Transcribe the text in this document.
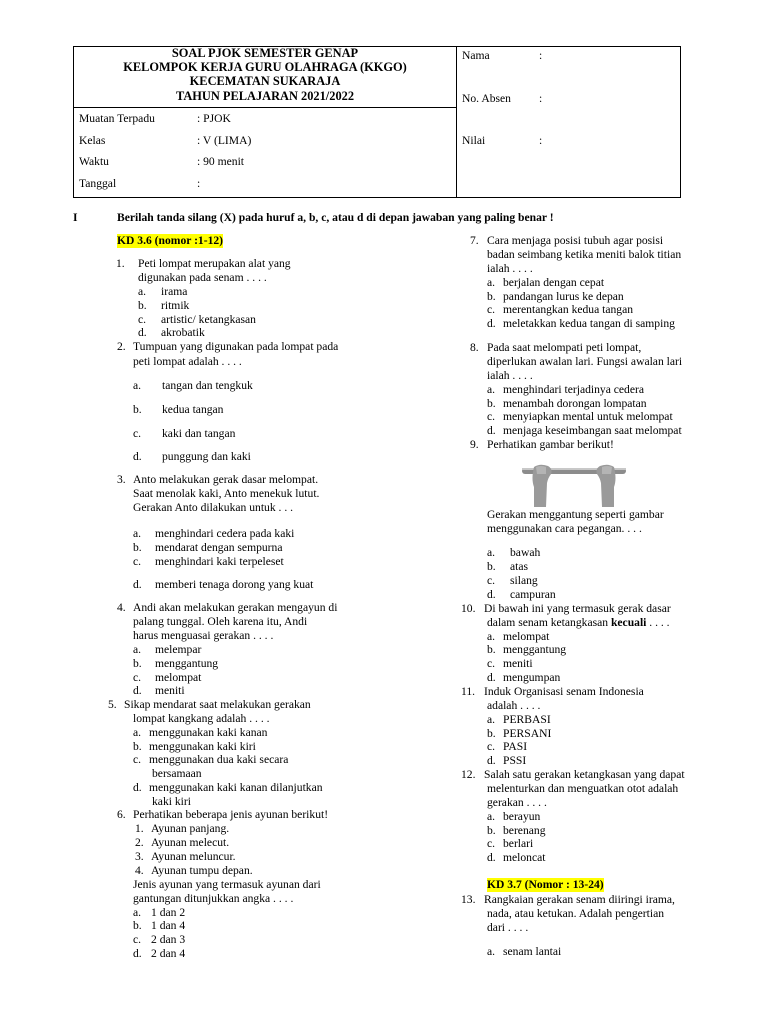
SOAL PJOK SEMESTER GENAP
KELOMPOK KERJA GURU OLAHRAGA (KKGO)
KECEMATAN SUKARAJA
TAHUN PELAJARAN 2021/2022
Muatan Terpadu	: PJOK
Kelas	: V (LIMA)
Waktu	: 90 menit
Tanggal	:
Nama	:
No. Absen :
Nilai	:
I	Berilah tanda silang (X) pada huruf a, b, c, atau d di depan jawaban yang paling benar !
KD 3.6 (nomor :1-12)
1. Peti lompat merupakan alat yang
digunakan pada senam . . . .
a. irama
b. ritmik
c. artistic/ ketangkasan
d. akrobatik
2. Tumpuan yang digunakan pada lompat pada
peti lompat adalah . . . .
a. tangan dan tengkuk
b. kedua tangan
c. kaki dan tangan
d. punggung dan kaki
3. Anto melakukan gerak dasar melompat.
Saat menolak kaki, Anto menekuk lutut.
Gerakan Anto dilakukan untuk . . .
a. menghindari cedera pada kaki
b. mendarat dengan sempurna
c. menghindari kaki terpeleset
d. memberi tenaga dorong yang kuat
4. Andi akan melakukan gerakan mengayun di
palang tunggal. Oleh karena itu, Andi
harus menguasai gerakan . . . .
a. melempar
b. menggantung
c. melompat
d. meniti
5. Sikap mendarat saat melakukan gerakan
lompat kangkang adalah . . . .
a. menggunakan kaki kanan
b. menggunakan kaki kiri
c. menggunakan dua kaki secara
bersamaan
d. menggunakan kaki kanan dilanjutkan
kaki kiri
6. Perhatikan beberapa jenis ayunan berikut!
1. Ayunan panjang.
2. Ayunan melecut.
3. Ayunan meluncur.
4. Ayunan tumpu depan.
Jenis ayunan yang termasuk ayunan dari
gantungan ditunjukkan angka . . . .
a. 1 dan 2
b. 1 dan 4
c. 2 dan 3
d. 2 dan 4
7. Cara menjaga posisi tubuh agar posisi
badan seimbang ketika meniti balok titian
ialah . . . .
a. berjalan dengan cepat
b. pandangan lurus ke depan
c. merentangkan kedua tangan
d. meletakkan kedua tangan di samping
8. Pada saat melompati peti lompat,
diperlukan awalan lari. Fungsi awalan lari
ialah . . . .
a. menghindari terjadinya cedera
b. menambah dorongan lompatan
c. menyiapkan mental untuk melompat
d. menjaga keseimbangan saat melompat
9. Perhatikan gambar berikut!
Gerakan menggantung seperti gambar
menggunakan cara pegangan. . . .
a. bawah
b. atas
c. silang
d. campuran
10. Di bawah ini yang termasuk gerak dasar
dalam senam ketangkasan kecuali . . . .
a. melompat
b. menggantung
c. meniti
d. mengumpan
11. Induk Organisasi senam Indonesia
adalah . . . .
a. PERBASI
b. PERSANI
c. PASI
d. PSSI
12. Salah satu gerakan ketangkasan yang dapat
melenturkan dan menguatkan otot adalah
gerakan . . . .
a. berayun
b. berenang
c. berlari
d. meloncat
KD 3.7 (Nomor : 13-24)
13. Rangkaian gerakan senam diiringi irama,
nada, atau ketukan. Adalah pengertian
dari . . . .
a. senam lantai
